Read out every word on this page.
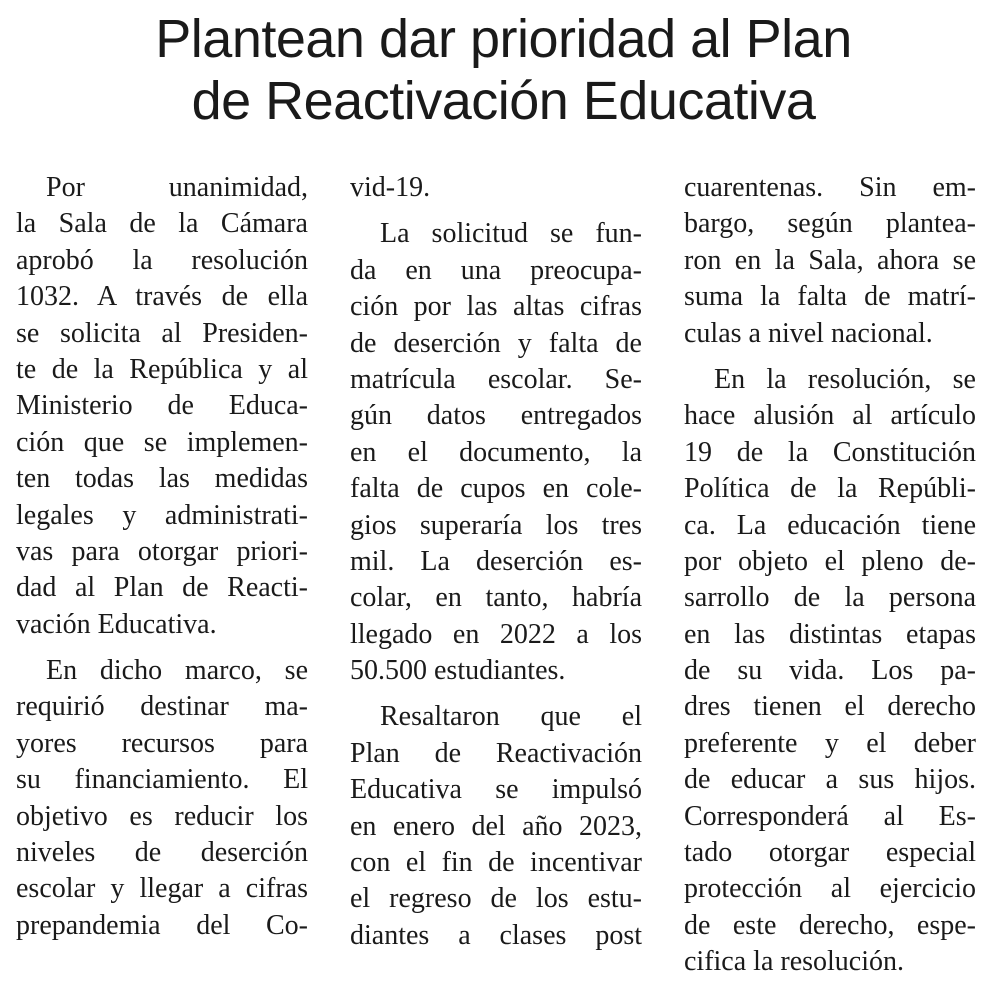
Plantean dar prioridad al Plan
de Reactivación Educativa
Por unanimidad,
la Sala de la Cámara
aprobó la resolución
1032. A través de ella
se solicita al Presiden-
te de la República y al
Ministerio de Educa-
ción que se implemen-
ten todas las medidas
legales y administrati-
vas para otorgar priori-
dad al Plan de Reacti-
vación Educativa.
En dicho marco, se
requirió destinar ma-
yores recursos para
su financiamiento. El
objetivo es reducir los
niveles de deserción
escolar y llegar a cifras
prepandemia del Co-
vid-19.
La solicitud se fun-
da en una preocupa-
ción por las altas cifras
de deserción y falta de
matrícula escolar. Se-
gún datos entregados
en el documento, la
falta de cupos en cole-
gios superaría los tres
mil. La deserción es-
colar, en tanto, habría
llegado en 2022 a los
50.500 estudiantes.
Resaltaron que el
Plan de Reactivación
Educativa se impulsó
en enero del año 2023,
con el fin de incentivar
el regreso de los estu-
diantes a clases post
cuarentenas. Sin em-
bargo, según plantea-
ron en la Sala, ahora se
suma la falta de matrí-
culas a nivel nacional.
En la resolución, se
hace alusión al artículo
19 de la Constitución
Política de la Repúbli-
ca. La educación tiene
por objeto el pleno de-
sarrollo de la persona
en las distintas etapas
de su vida. Los pa-
dres tienen el derecho
preferente y el deber
de educar a sus hijos.
Corresponderá al Es-
tado otorgar especial
protección al ejercicio
de este derecho, espe-
cifica la resolución.
